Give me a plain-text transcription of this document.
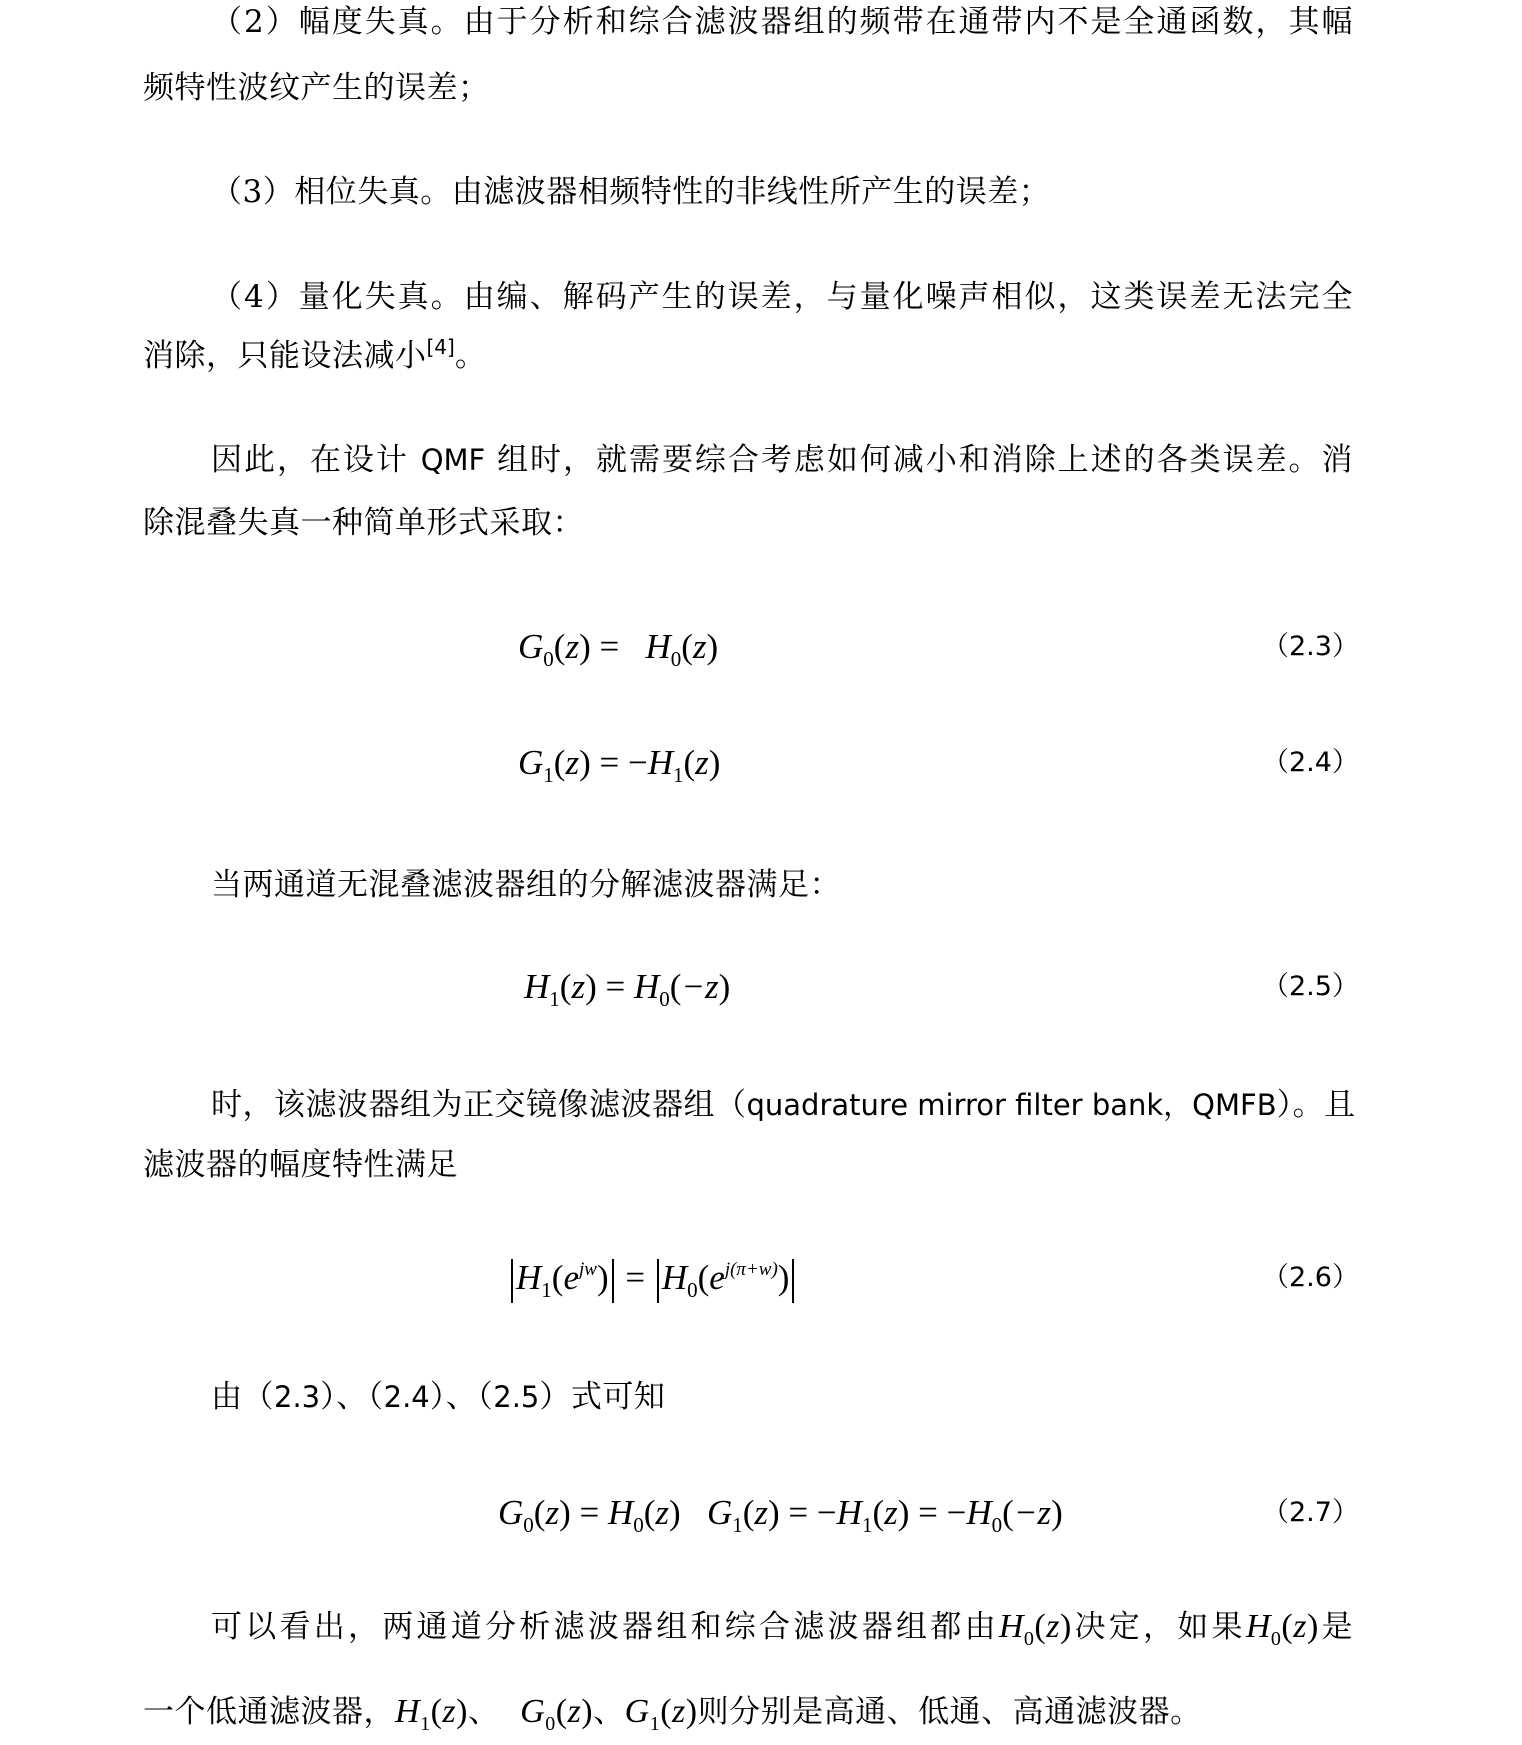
（2）幅度失真。由于分析和综合滤波器组的频带在通带内不是全通函数，其幅
频特性波纹产生的误差；
（3）相位失真。由滤波器相频特性的非线性所产生的误差；
（4）量化失真。由编、解码产生的误差，与量化噪声相似，这类误差无法完全
消除，只能设法减小[4]。
因此，在设计 QMF 组时，就需要综合考虑如何减小和消除上述的各类误差。消
除混叠失真一种简单形式采取：
$G_0(z) = H_0(z)$	（2.3）
$G_1(z) = -H_1(z)$	（2.4）
当两通道无混叠滤波器组的分解滤波器满足：
$H_1(z) = H_0(-z)$	（2.5）
时，该滤波器组为正交镜像滤波器组（quadrature mirror filter bank，QMFB）。且
滤波器的幅度特性满足
$H_1(e^{jw}) = H_0(e^{j(\pi+w)})$	（2.6）
由（2.3）、（2.4）、（2.5）式可知
$G_0(z) = H_0(z) G_1(z) = -H_1(z) = -H_0(-z)$	（2.7）
可以看出，两通道分析滤波器组和综合滤波器组都由$H_0(z)$决定，如果$H_0(z)$是
一个低通滤波器，$H_1(z)$、  $G_0(z)$、$G_1(z)$则分别是高通、低通、高通滤波器。
